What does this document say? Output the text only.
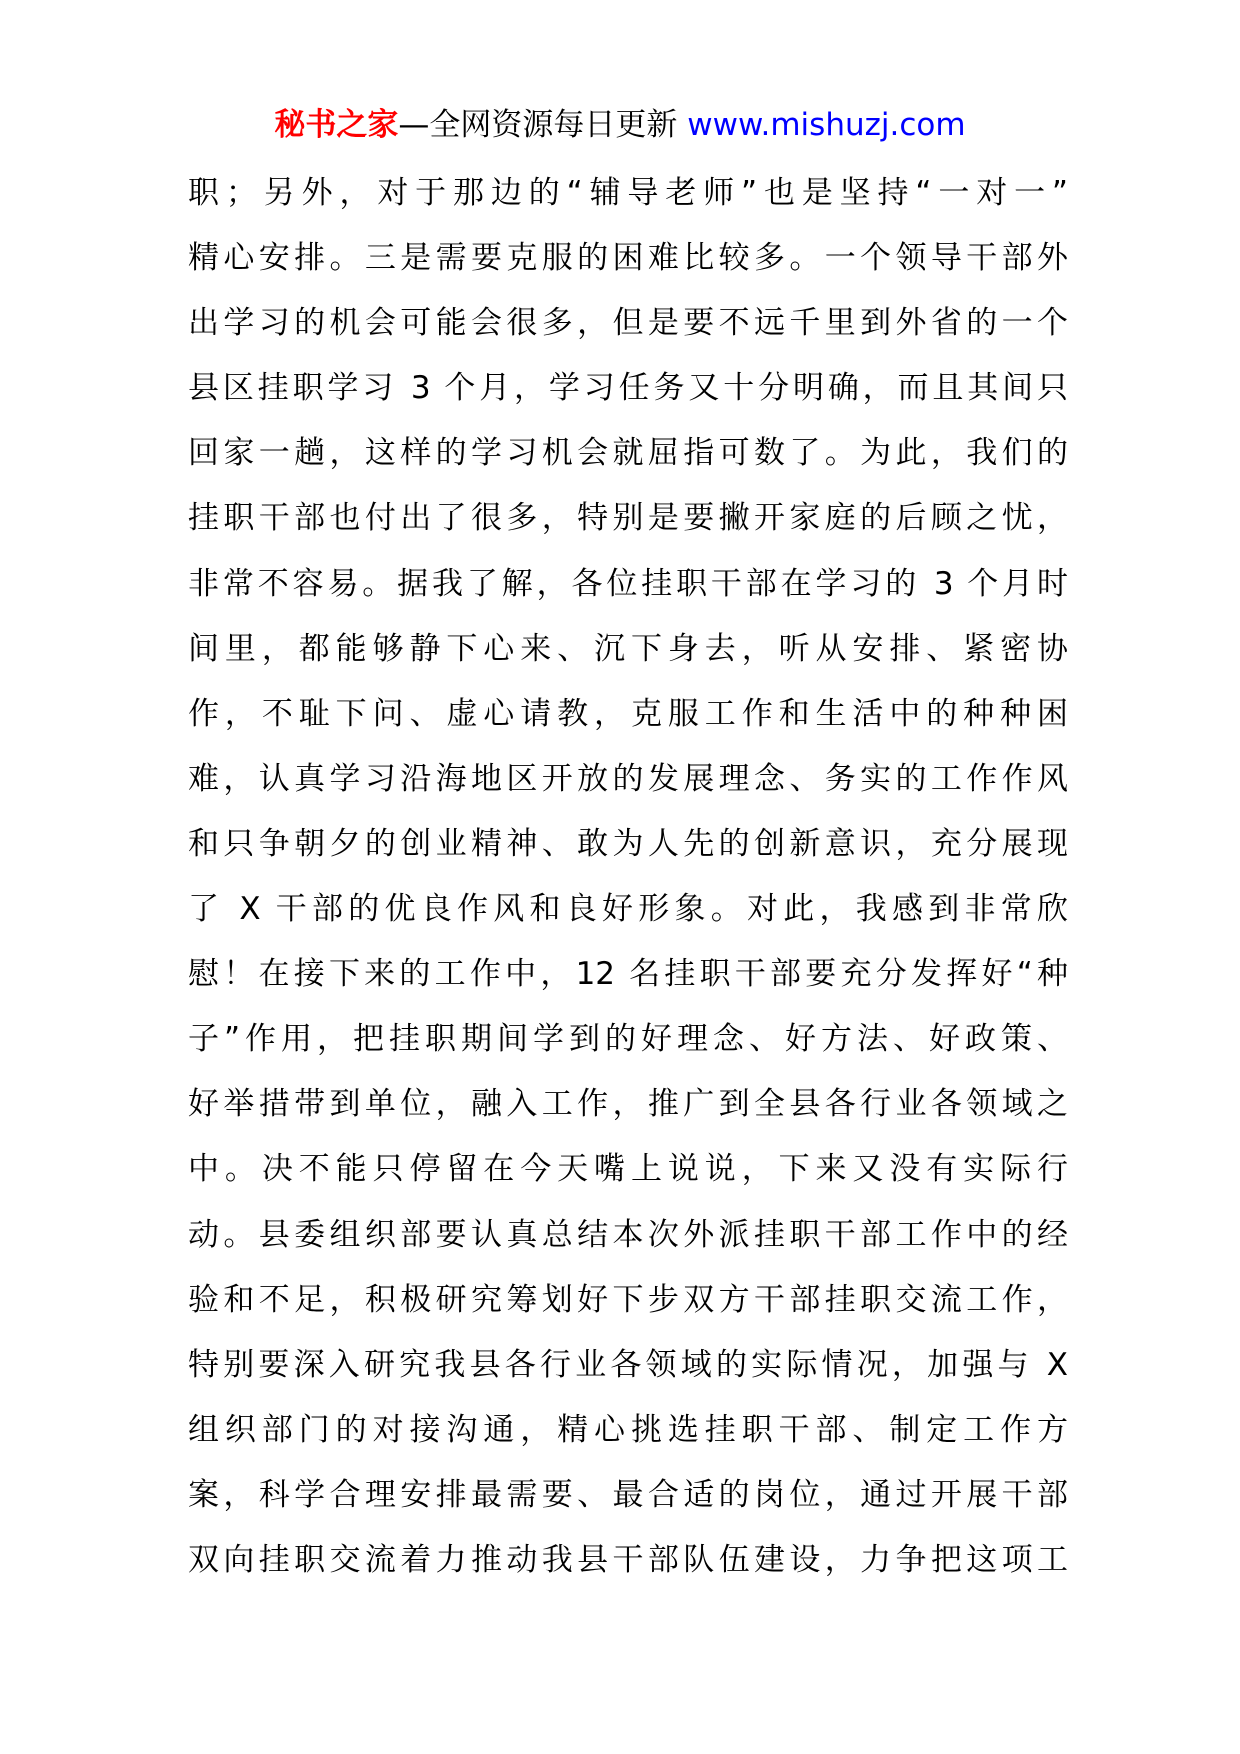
秘书之家—全网资源每日更新 www.mishuzj.com
职；另外，对于那边的“辅导老师”也是坚持“一对一”
精心安排。三是需要克服的困难比较多。一个领导干部外
出学习的机会可能会很多，但是要不远千里到外省的一个
县区挂职学习 3 个月，学习任务又十分明确，而且其间只
回家一趟，这样的学习机会就屈指可数了。为此，我们的
挂职干部也付出了很多，特别是要撇开家庭的后顾之忧，
非常不容易。据我了解，各位挂职干部在学习的 3 个月时
间里，都能够静下心来、沉下身去，听从安排、紧密协
作，不耻下问、虚心请教，克服工作和生活中的种种困
难，认真学习沿海地区开放的发展理念、务实的工作作风
和只争朝夕的创业精神、敢为人先的创新意识，充分展现
了 X 干部的优良作风和良好形象。对此，我感到非常欣
慰！在接下来的工作中，12 名挂职干部要充分发挥好“种
子”作用，把挂职期间学到的好理念、好方法、好政策、
好举措带到单位，融入工作，推广到全县各行业各领域之
中。决不能只停留在今天嘴上说说，下来又没有实际行
动。县委组织部要认真总结本次外派挂职干部工作中的经
验和不足，积极研究筹划好下步双方干部挂职交流工作，
特别要深入研究我县各行业各领域的实际情况，加强与 X
组织部门的对接沟通，精心挑选挂职干部、制定工作方
案，科学合理安排最需要、最合适的岗位，通过开展干部
双向挂职交流着力推动我县干部队伍建设，力争把这项工
